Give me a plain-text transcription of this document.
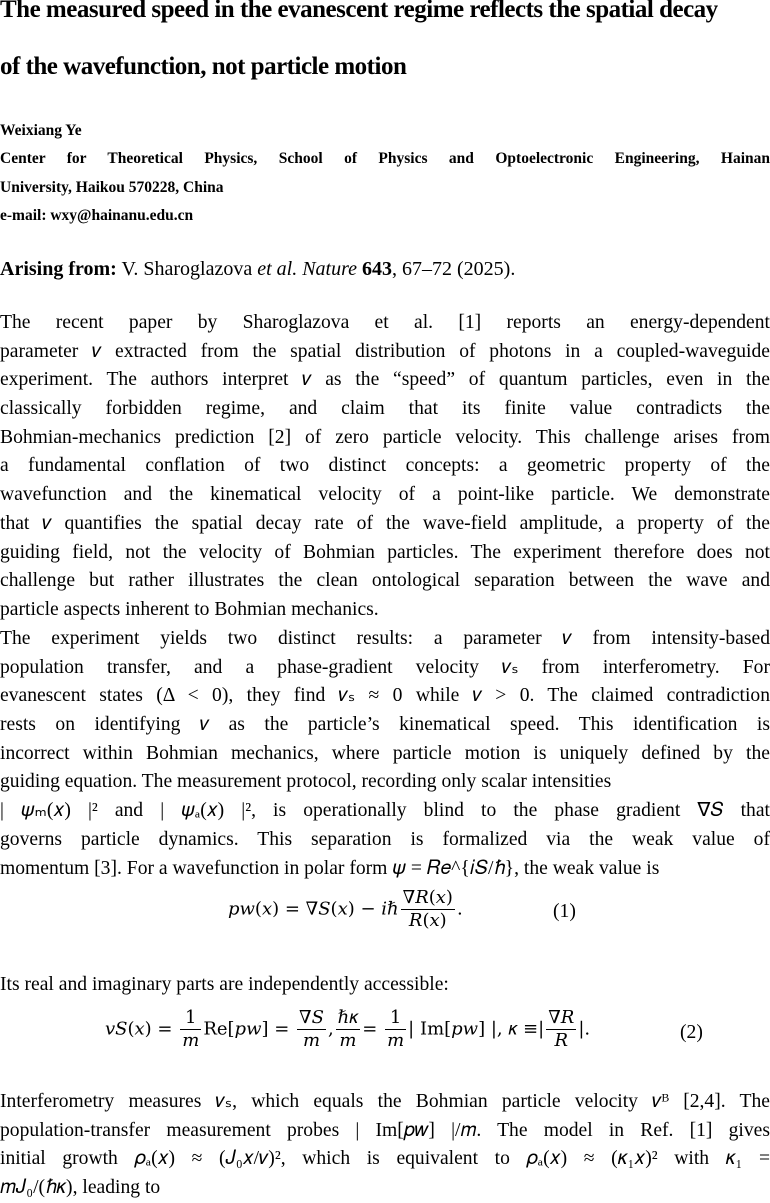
The measured speed in the evanescent regime reflects the spatial decay
of the wavefunction, not particle motion
Weixiang Ye
Center for Theoretical Physics, School of Physics and Optoelectronic Engineering, Hainan
University, Haikou 570228, China
e-mail: wxy@hainanu.edu.cn
Arising from: V. Sharoglazova et al. Nature 643, 67–72 (2025).
The recent paper by Sharoglazova et al. [1] reports an energy-dependent
parameter 𝑣 extracted from the spatial distribution of photons in a coupled-waveguide
experiment. The authors interpret 𝑣 as the “speed” of quantum particles, even in the
classically forbidden regime, and claim that its finite value contradicts the
Bohmian-mechanics prediction [2] of zero particle velocity. This challenge arises from
a fundamental conflation of two distinct concepts: a geometric property of the
wavefunction and the kinematical velocity of a point-like particle. We demonstrate
that 𝑣 quantifies the spatial decay rate of the wave-field amplitude, a property of the
guiding field, not the velocity of Bohmian particles. The experiment therefore does not
challenge but rather illustrates the clean ontological separation between the wave and
particle aspects inherent to Bohmian mechanics.
The experiment yields two distinct results: a parameter 𝑣 from intensity-based
population transfer, and a phase-gradient velocity 𝑣ₛ from interferometry. For
evanescent states (Δ < 0), they find 𝑣ₛ ≈ 0 while 𝑣 > 0. The claimed contradiction
rests on identifying 𝑣 as the particle’s kinematical speed. This identification is
incorrect within Bohmian mechanics, where particle motion is uniquely defined by the
guiding equation. The measurement protocol, recording only scalar intensities
| 𝜓ₘ(𝑥) |² and | 𝜓ₐ(𝑥) |², is operationally blind to the phase gradient ∇𝑆 that
governs particle dynamics. This separation is formalized via the weak value of
momentum [3]. For a wavefunction in polar form 𝜓 = 𝑅𝑒^{𝑖𝑆/ℏ}, the weak value is
𝑝𝑤(𝑥) = ∇𝑆(𝑥) − 𝑖ℏ $\frac{\text{∇𝑅(𝑥)}}{\text{𝑅(𝑥)}}$ .	(1)
Its real and imaginary parts are independently accessible:
𝑣𝑆(𝑥) = $\frac{1}{\text{𝑚}}$ Re[𝑝𝑤] = $\frac{\text{∇𝑆}}{\text{𝑚}}$ , $\frac{\text{ℏ𝜅}}{\text{𝑚}} = \frac{1}{\text{𝑚}}$ | Im[𝑝𝑤] |, 𝜅 ≡| $\frac{\text{∇𝑅}}{\text{𝑅}}$ |.	(2)
Interferometry measures 𝑣ₛ, which equals the Bohmian particle velocity 𝑣ᴮ [2,4]. The
population-transfer measurement probes | Im[𝑝𝑤] |/𝑚. The model in Ref. [1] gives
initial growth 𝜌ₐ(𝑥) ≈ (𝐽₀𝑥/𝑣)², which is equivalent to 𝜌ₐ(𝑥) ≈ (𝜅₁𝑥)² with 𝜅₁ =
𝑚𝐽₀/(ℏ𝜅), leading to
